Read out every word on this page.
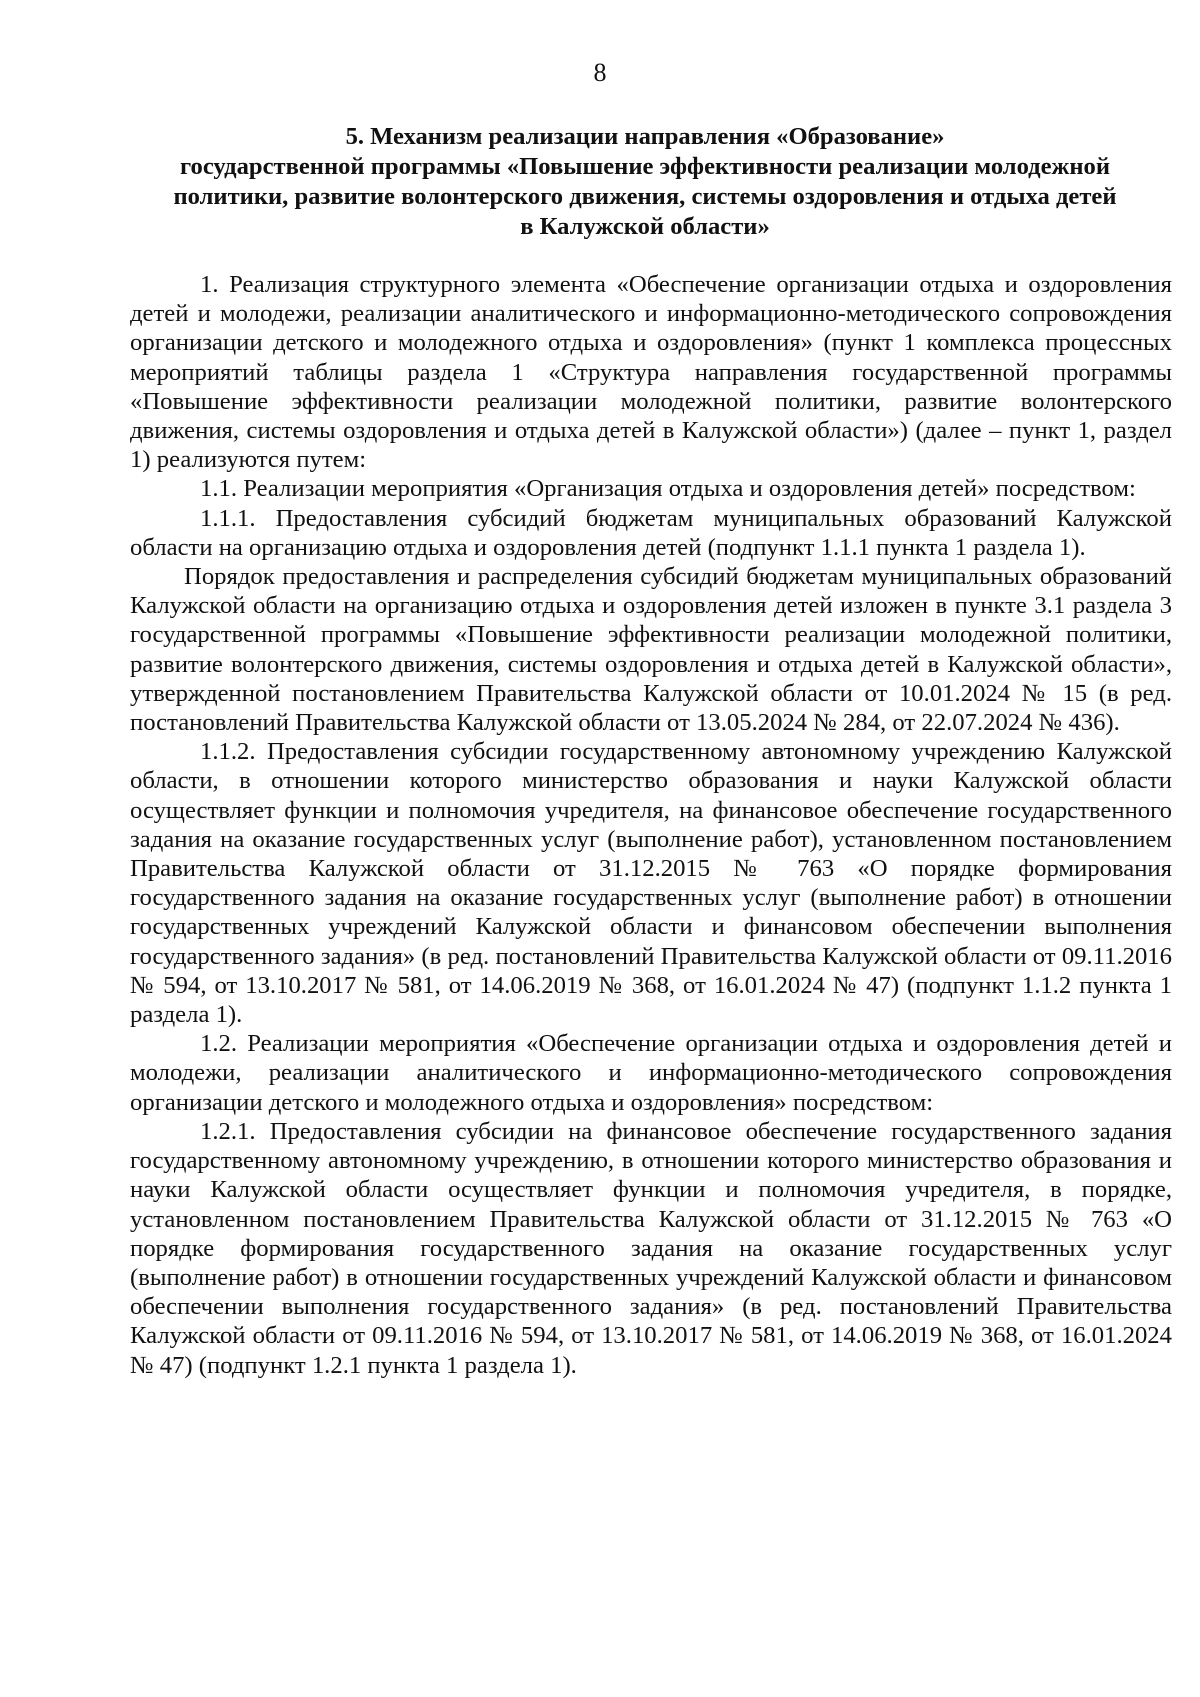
8
5. Механизм реализации направления «Образование»
государственной программы «Повышение эффективности реализации молодежной
политики, развитие волонтерского движения, системы оздоровления и отдыха детей
в Калужской области»

1. Реализация структурного элемента «Обеспечение организации отдыха и оздоровления детей и молодежи, реализации аналитического и информационно-методического сопровождения организации детского и молодежного отдыха и оздоровления» (пункт 1 комплекса процессных мероприятий таблицы раздела 1 «Структура направления государственной программы «Повышение эффективности реализации молодежной политики, развитие волонтерского движения, системы оздоровления и отдыха детей в Калужской области») (далее – пункт 1, раздел 1) реализуются путем:

1.1. Реализации мероприятия «Организация отдыха и оздоровления детей» посредством:

1.1.1. Предоставления субсидий бюджетам муниципальных образований Калужской области на организацию отдыха и оздоровления детей (подпункт 1.1.1 пункта 1 раздела 1).

Порядок предоставления и распределения субсидий бюджетам муниципальных образований Калужской области на организацию отдыха и оздоровления детей изложен в пункте 3.1 раздела 3 государственной программы «Повышение эффективности реализации молодежной политики, развитие волонтерского движения, системы оздоровления и отдыха детей в Калужской области», утвержденной постановлением Правительства Калужской области от 10.01.2024 № 15 (в ред. постановлений Правительства Калужской области от 13.05.2024 № 284, от 22.07.2024 № 436).

1.1.2. Предоставления субсидии государственному автономному учреждению Калужской области, в отношении которого министерство образования и науки Калужской области осуществляет функции и полномочия учредителя, на финансовое обеспечение государственного задания на оказание государственных услуг (выполнение работ), установленном постановлением Правительства Калужской области от 31.12.2015 № 763 «О порядке формирования государственного задания на оказание государственных услуг (выполнение работ) в отношении государственных учреждений Калужской области и финансовом обеспечении выполнения государственного задания» (в ред. постановлений Правительства Калужской области от 09.11.2016 № 594, от 13.10.2017 № 581, от 14.06.2019 № 368, от 16.01.2024 № 47) (подпункт 1.1.2 пункта 1 раздела 1).

1.2. Реализации мероприятия «Обеспечение организации отдыха и оздоровления детей и молодежи, реализации аналитического и информационно-методического сопровождения организации детского и молодежного отдыха и оздоровления» посредством:

1.2.1. Предоставления субсидии на финансовое обеспечение государственного задания государственному автономному учреждению, в отношении которого министерство образования и науки Калужской области осуществляет функции и полномочия учредителя, в порядке, установленном постановлением Правительства Калужской области от 31.12.2015 № 763 «О порядке формирования государственного задания на оказание государственных услуг (выполнение работ) в отношении государственных учреждений Калужской области и финансовом обеспечении выполнения государственного задания» (в ред. постановлений Правительства Калужской области от 09.11.2016 № 594, от 13.10.2017 № 581, от 14.06.2019 № 368, от 16.01.2024 № 47) (подпункт 1.2.1 пункта 1 раздела 1).
